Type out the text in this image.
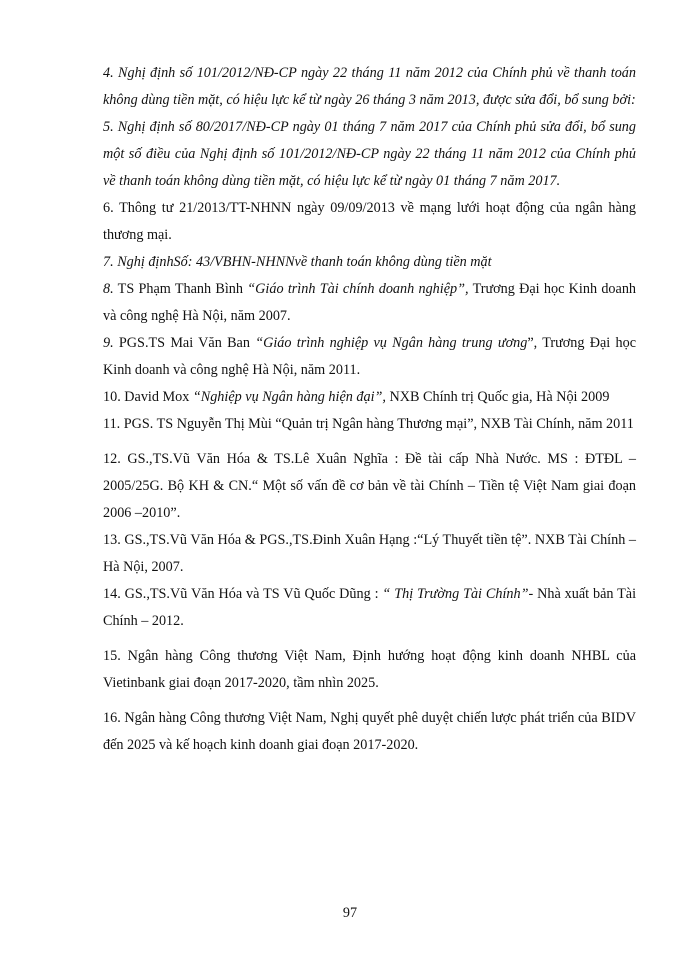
4. Nghị định số 101/2012/NĐ-CP ngày 22 tháng 11 năm 2012 của Chính phủ về thanh toán không dùng tiền mặt, có hiệu lực kể từ ngày 26 tháng 3 năm 2013, được sửa đổi, bổ sung bởi:

5. Nghị định số 80/2017/NĐ-CP ngày 01 tháng 7 năm 2017 của Chính phủ sửa đổi, bổ sung một số điều của Nghị định số 101/2012/NĐ-CP ngày 22 tháng 11 năm 2012 của Chính phủ về thanh toán không dùng tiền mặt, có hiệu lực kể từ ngày 01 tháng 7 năm 2017.

6. Thông tư 21/2013/TT-NHNN ngày 09/09/2013 về mạng lưới hoạt động của ngân hàng thương mại.

7. Nghị địnhSố: 43/VBHN-NHNNvề thanh toán không dùng tiền mặt

8. TS Phạm Thanh Bình “Giáo trình Tài chính doanh nghiệp”, Trương Đại học Kinh doanh và công nghệ Hà Nội, năm 2007.

9. PGS.TS Mai Văn Ban “Giáo trình nghiệp vụ Ngân hàng trung ương”, Trương Đại học Kinh doanh và công nghệ Hà Nội, năm 2011.

10. David Mox “Nghiệp vụ Ngân hàng hiện đại”, NXB Chính trị Quốc gia, Hà Nội 2009

11. PGS. TS Nguyễn Thị Mùi “Quản trị Ngân hàng Thương mại”, NXB Tài Chính, năm 2011

12. GS.,TS.Vũ Văn Hóa & TS.Lê Xuân Nghĩa : Đề tài cấp Nhà Nước. MS : ĐTĐL – 2005/25G. Bộ KH & CN.“ Một số vấn đề cơ bản về tài Chính – Tiền tệ Việt Nam giai đoạn 2006 –2010”.

13. GS.,TS.Vũ Văn Hóa & PGS.,TS.Đinh Xuân Hạng :“Lý Thuyết tiền tệ”. NXB Tài Chính – Hà Nội, 2007.

14. GS.,TS.Vũ Văn Hóa và TS Vũ Quốc Dũng : “ Thị Trường Tài Chính”- Nhà xuất bản Tài Chính – 2012.

15. Ngân hàng Công thương Việt Nam, Định hướng hoạt động kinh doanh NHBL của Vietinbank giai đoạn 2017-2020, tầm nhìn 2025.

16. Ngân hàng Công thương Việt Nam, Nghị quyết phê duyệt chiến lược phát triển của BIDV đến 2025 và kế hoạch kinh doanh giai đoạn 2017-2020.

97
